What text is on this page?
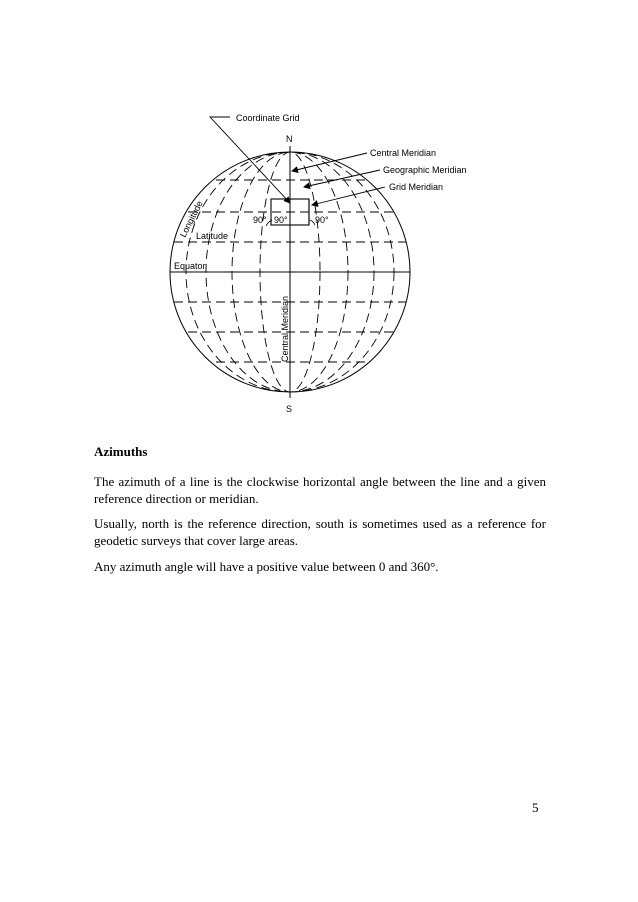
Coordinate Grid
N
Central Meridian
Geographic Meridian
Grid Meridian
Longitude
Latitude
Equator
Central Meridian
90° 90°	90°
S
Azimuths

The azimuth of a line is the clockwise horizontal angle between the line and a given reference direction or meridian.

Usually, north is the reference direction, south is sometimes used as a reference for geodetic surveys that cover large areas.

Any azimuth angle will have a positive value between 0 and 360°.

5
